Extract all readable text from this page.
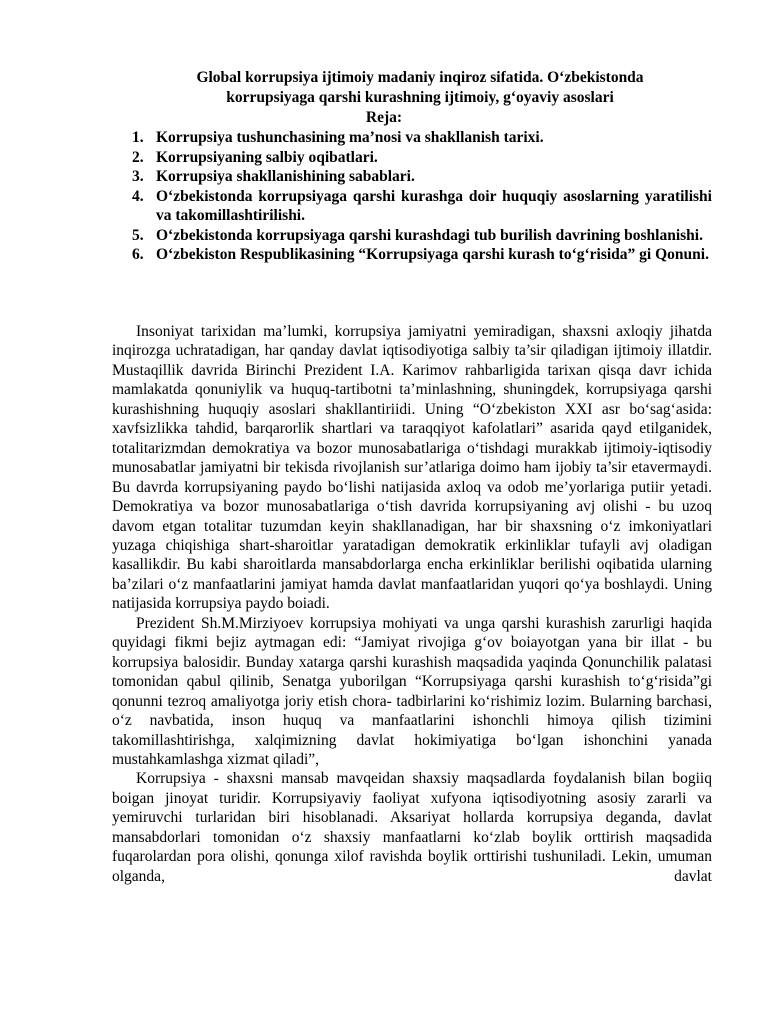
Global korrupsiya ijtimoiy madaniy inqiroz sifatida. O‘zbekistonda
korrupsiyaga qarshi kurashning ijtimoiy, g‘oyaviy asoslari

Reja:
1. Korrupsiya tushunchasining ma’nosi va shakllanish tarixi.
2. Korrupsiyaning salbiy oqibatlari.
3. Korrupsiya shakllanishining sabablari.
4. O‘zbekistonda korrupsiyaga qarshi kurashga doir huquqiy asoslarning yaratilishi va takomillashtirilishi.
5. O‘zbekistonda korrupsiyaga qarshi kurashdagi tub burilish davrining boshlanishi.
6. O‘zbekiston Respublikasining “Korrupsiyaga qarshi kurash to‘g‘risida” gi Qonuni.

Insoniyat tarixidan ma’lumki, korrupsiya jamiyatni yemiradigan, shaxsni axloqiy jihatda inqirozga uchratadigan, har qanday davlat iqtisodiyotiga salbiy ta’sir qiladigan ijtimoiy illatdir. Mustaqillik davrida Birinchi Prezident I.A. Karimov rahbarligida tarixan qisqa davr ichida mamlakatda qonuniylik va huquq-tartibotni ta’minlashning, shuningdek, korrupsiyaga qarshi kurashishning huquqiy asoslari shakllantiriidi. Uning “O‘zbekiston XXI asr bo‘sag‘asida: xavfsizlikka tahdid, barqarorlik shartlari va taraqqiyot kafolatlari” asarida qayd etilganidek, totalitarizmdan demokratiya va bozor munosabatlariga o‘tishdagi murakkab ijtimoiy-iqtisodiy munosabatlar jamiyatni bir tekisda rivojlanish sur’atlariga doimo ham ijobiy ta’sir etavermaydi. Bu davrda korrupsiyaning paydo bo‘lishi natijasida axloq va odob me’yorlariga putiir yetadi. Demokratiya va bozor munosabatlariga o‘tish davrida korrupsiyaning avj olishi - bu uzoq davom etgan totalitar tuzumdan keyin shakllanadigan, har bir shaxsning o‘z imkoniyatlari yuzaga chiqishiga shart-sharoitlar yaratadigan demokratik erkinliklar tufayli avj oladigan kasallikdir. Bu kabi sharoitlarda mansabdorlarga encha erkinliklar berilishi oqibatida ularning ba’zilari o‘z manfaatlarini jamiyat hamda davlat manfaatlaridan yuqori qo‘ya boshlaydi. Uning natijasida korrupsiya paydo boiadi.

Prezident Sh.M.Mirziyoev korrupsiya mohiyati va unga qarshi kurashish zarurligi haqida quyidagi fikmi bejiz aytmagan edi: “Jamiyat rivojiga g‘ov boiayotgan yana bir illat - bu korrupsiya balosidir. Bunday xatarga qarshi kurashish maqsadida yaqinda Qonunchilik palatasi tomonidan qabul qilinib, Senatga yuborilgan “Korrupsiyaga qarshi kurashish to‘g‘risida”gi qonunni tezroq amaliyotga joriy etish chora- tadbirlarini ko‘rishimiz lozim. Bularning barchasi, o‘z navbatida, inson huquq va manfaatlarini ishonchli himoya qilish tizimini takomillashtirishga, xalqimizning davlat hokimiyatiga bo‘lgan ishonchini yanada mustahkamlashga xizmat qiladi”,

Korrupsiya - shaxsni mansab mavqeidan shaxsiy maqsadlarda foydalanish bilan bogiiq boigan jinoyat turidir. Korrupsiyaviy faoliyat xufyona iqtisodiyotning asosiy zararli va yemiruvchi turlaridan biri hisoblanadi. Aksariyat hollarda korrupsiya deganda, davlat mansabdorlari tomonidan o‘z shaxsiy manfaatlarni ko‘zlab boylik orttirish maqsadida fuqarolardan pora olishi, qonunga xilof ravishda boylik orttirishi tushuniladi. Lekin, umuman olganda, davlat
